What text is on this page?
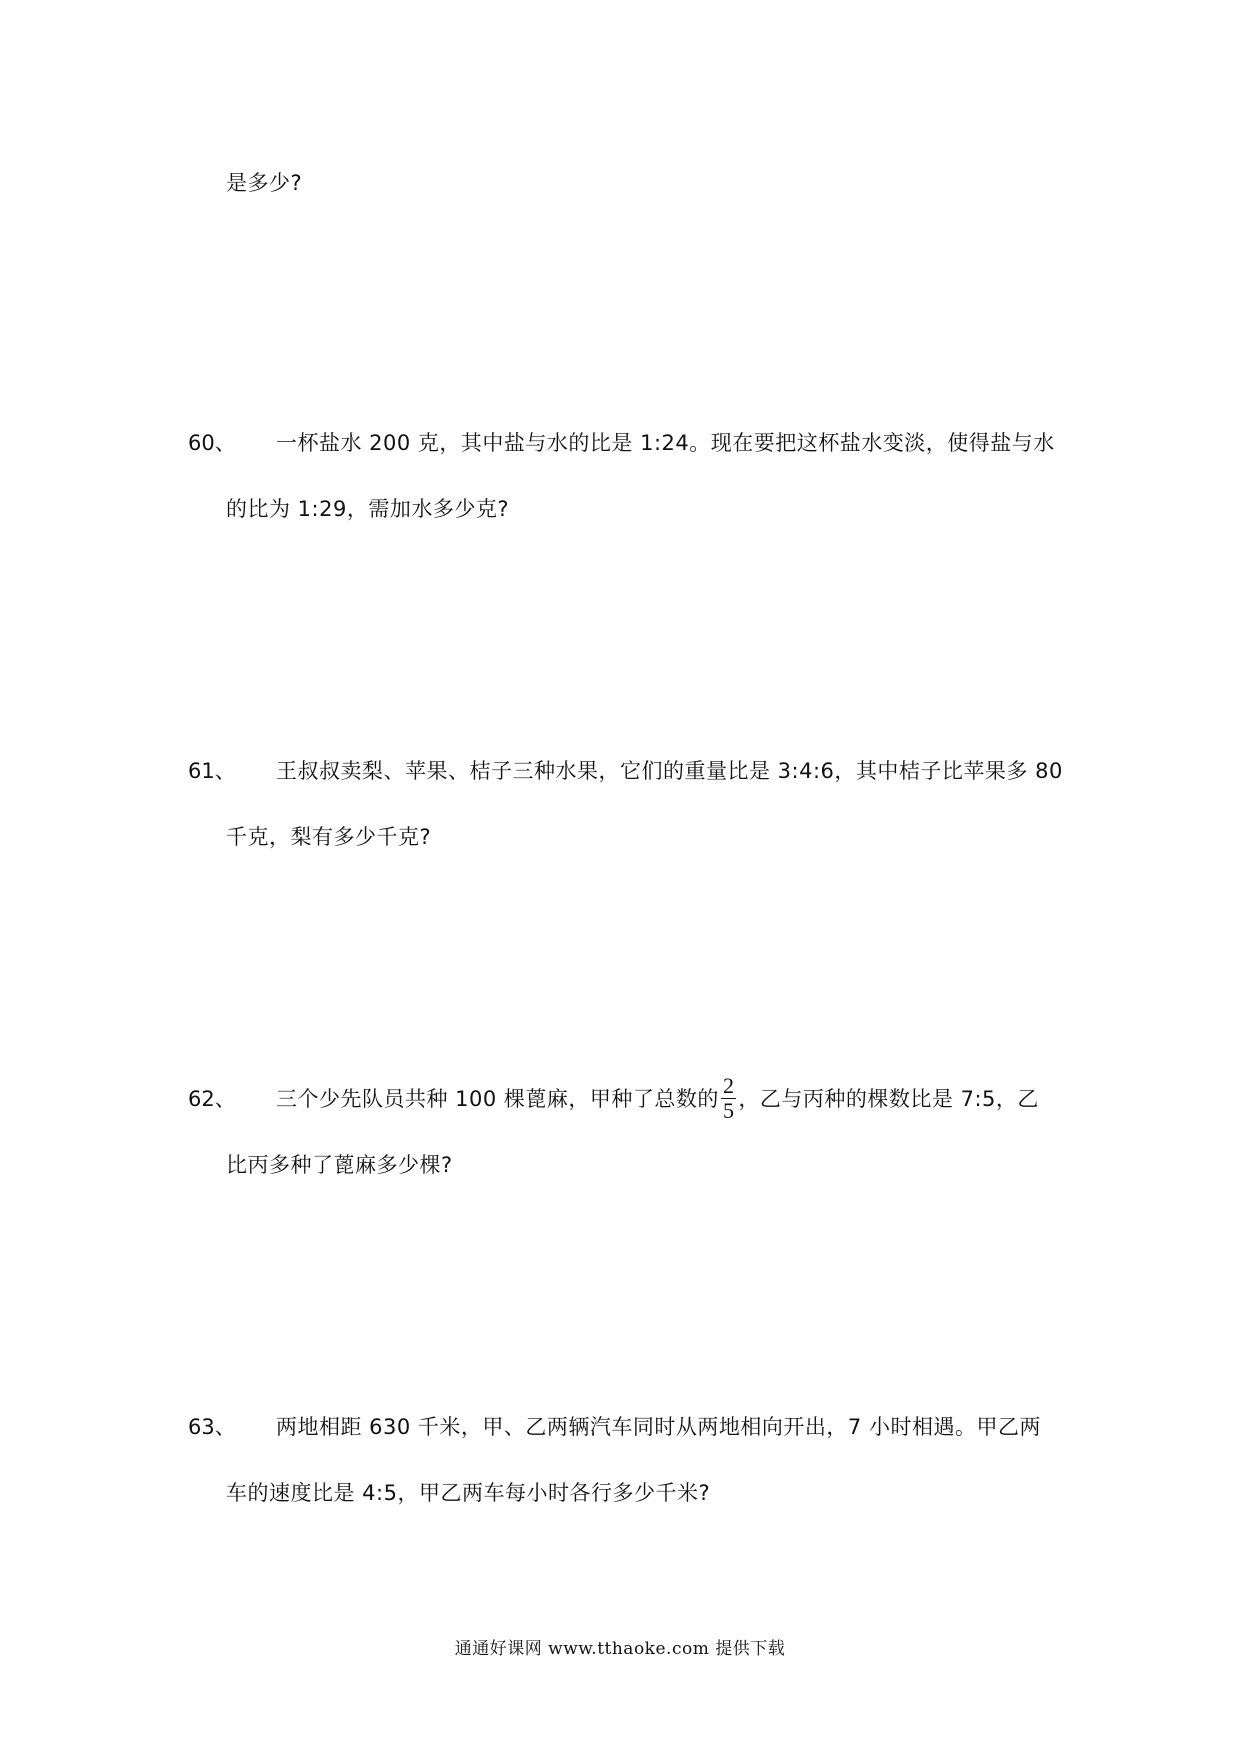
是多少?
60、 一杯盐水 200 克，其中盐与水的比是 1:24。现在要把这杯盐水变淡，使得盐与水
的比为 1:29，需加水多少克?
61、 王叔叔卖梨、苹果、桔子三种水果，它们的重量比是 3:4:6，其中桔子比苹果多 80
千克，梨有多少千克?
62、 三个少先队员共种 100 棵蓖麻，甲种了总数的 $\frac{2}{5}$ ，乙与丙种的棵数比是 7:5，乙
比丙多种了蓖麻多少棵?
63、 两地相距 630 千米，甲、乙两辆汽车同时从两地相向开出，7 小时相遇。甲乙两
车的速度比是 4:5，甲乙两车每小时各行多少千米?
通通好课网 www.tthaoke.com 提供下载
